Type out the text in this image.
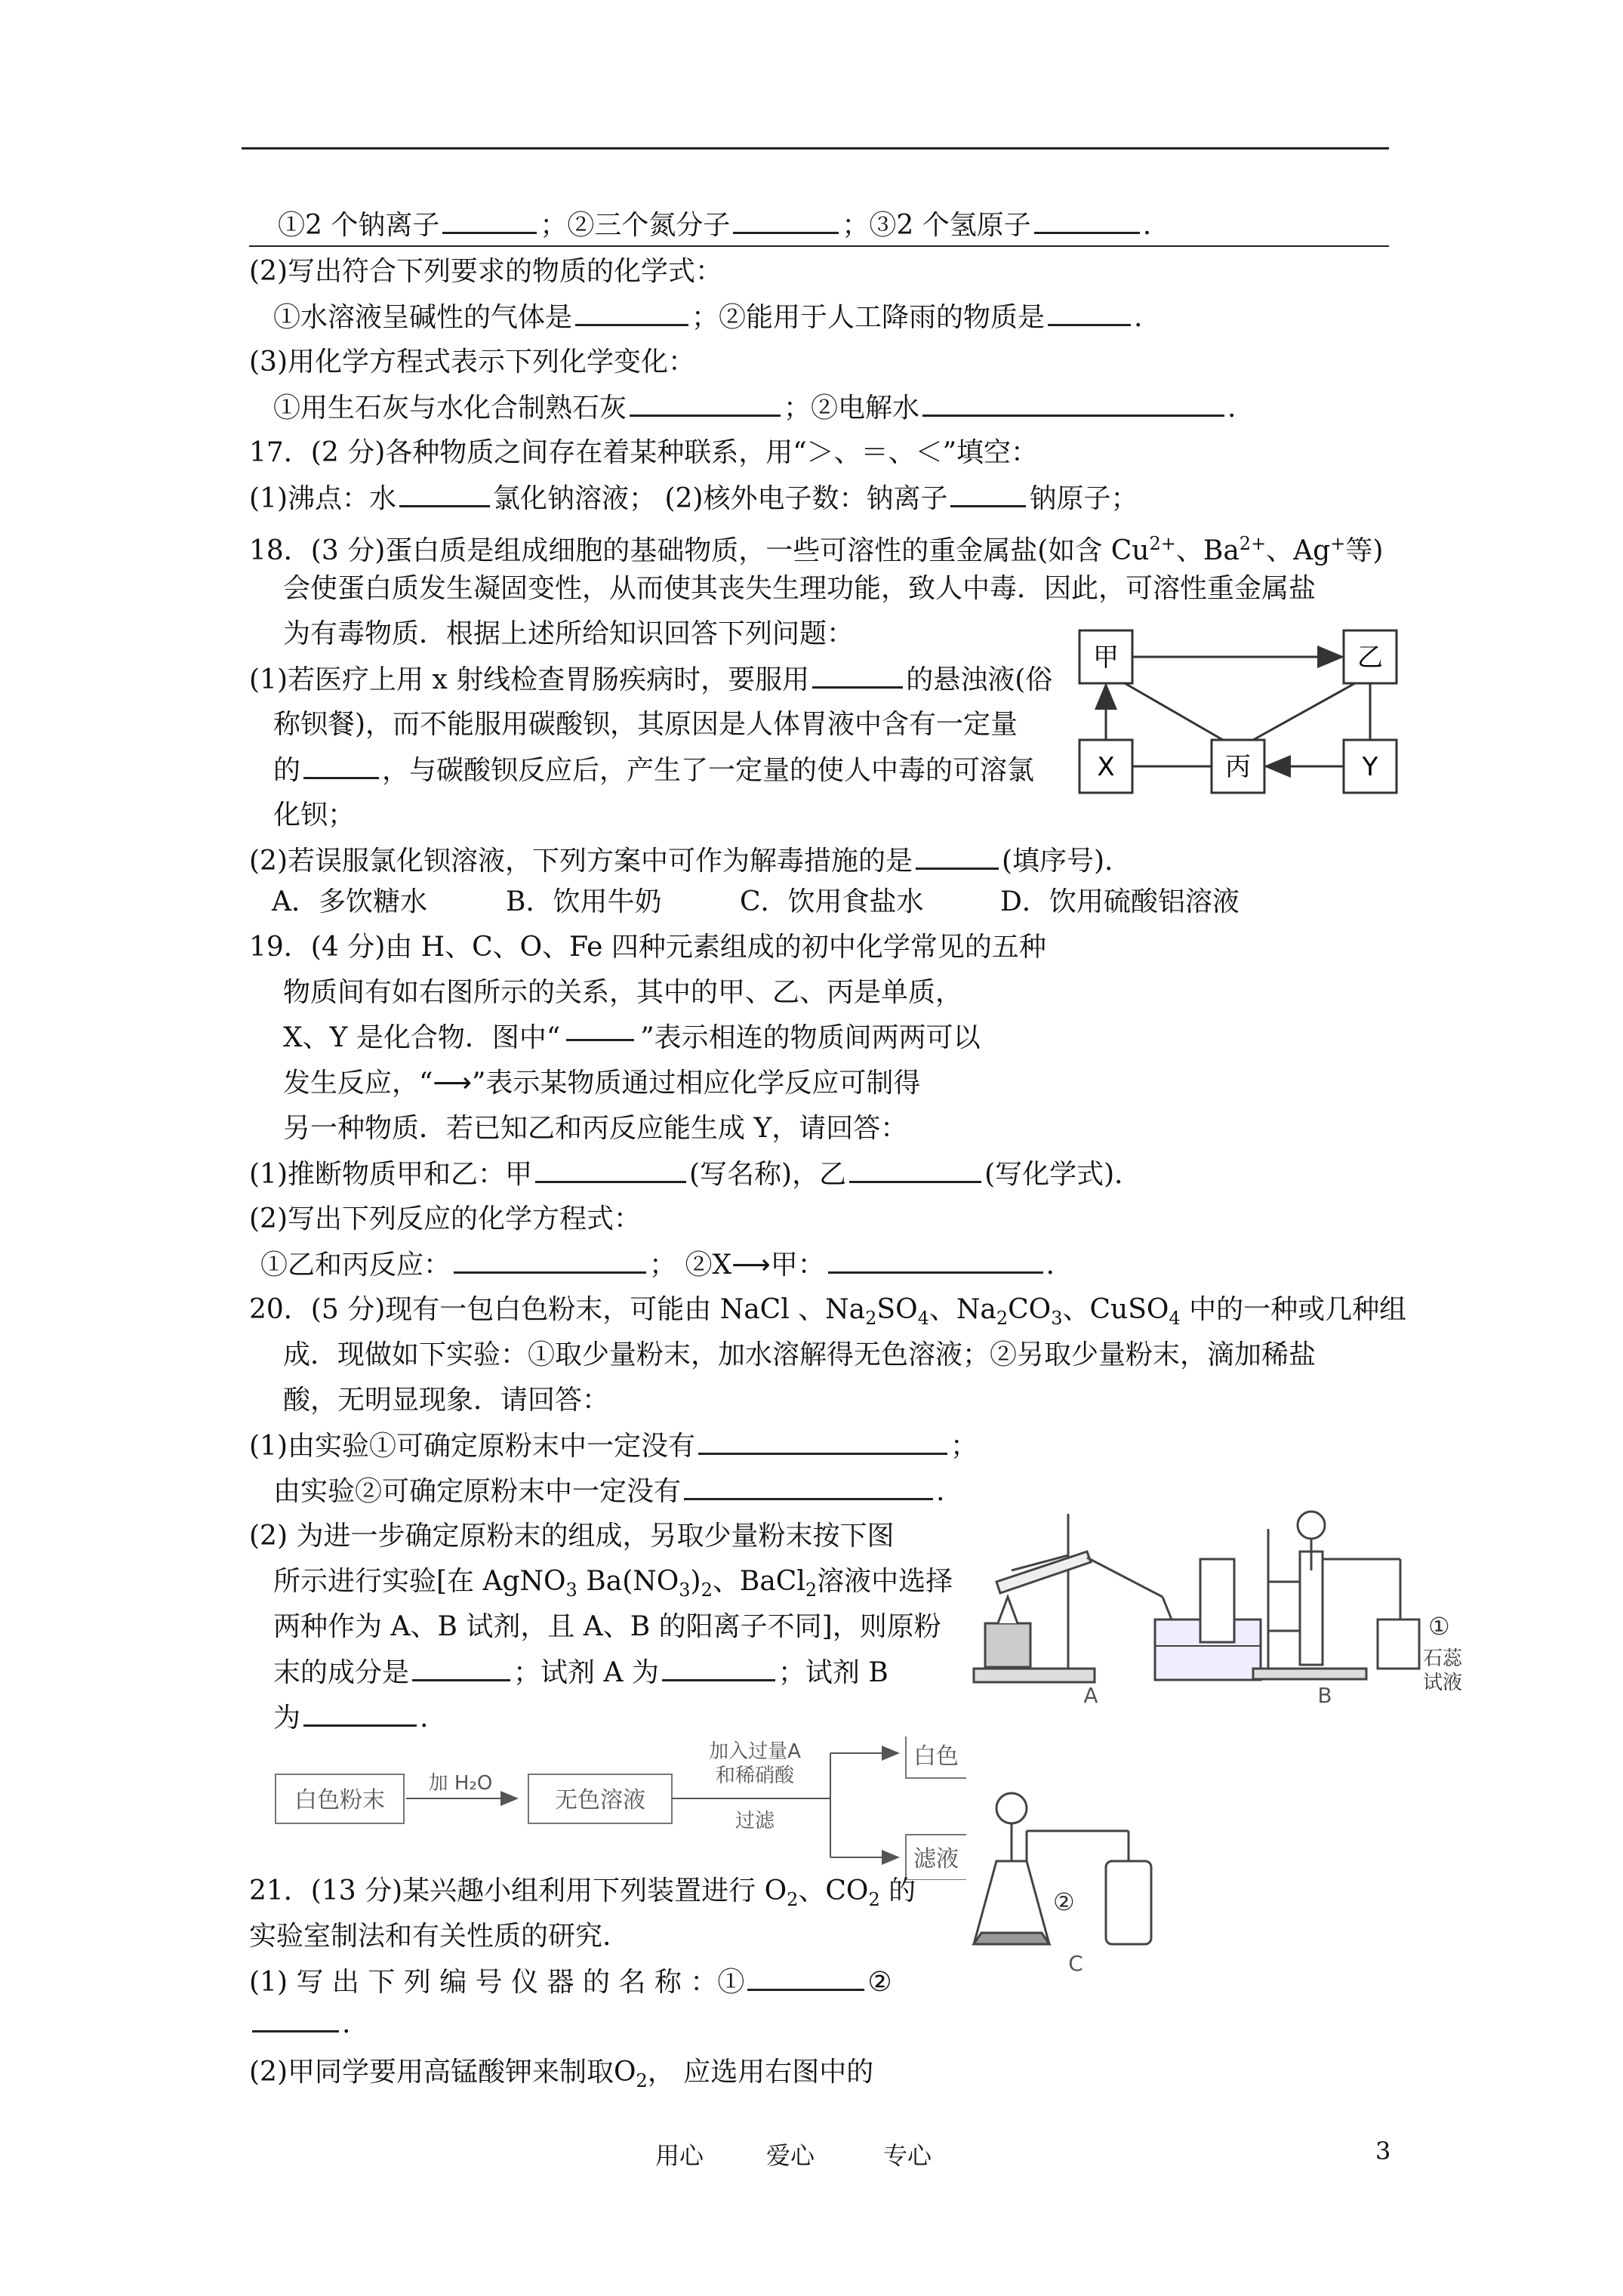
①2 个钠离子	；②三个氮分子	；③2 个氢原子	.
(2)写出符合下列要求的物质的化学式：
①水溶液呈碱性的气体是	；②能用于人工降雨的物质是	.
(3)用化学方程式表示下列化学变化：
①用生石灰与水化合制熟石灰	；②电解水	.
17．(2 分)各种物质之间存在着某种联系，用“＞、＝、＜”填空：
(1)沸点：水	氯化钠溶液； (2)核外电子数：钠离子	钠原子；
18．(3 分)蛋白质是组成细胞的基础物质，一些可溶性的重金属盐(如含 $Cu^{2+}$、$Ba^{2+}$、Ag+等)
会使蛋白质发生凝固变性，从而使其丧失生理功能，致人中毒．因此，可溶性重金属盐
为有毒物质．根据上述所给知识回答下列问题：
(1)若医疗上用 x 射线检查胃肠疾病时，要服用	的悬浊液(俗
称钡餐)，而不能服用碳酸钡，其原因是人体胃液中含有一定量
的	，与碳酸钡反应后，产生了一定量的使人中毒的可溶氯
化钡；
(2)若误服氯化钡溶液，下列方案中可作为解毒措施的是	(填序号)．
A．多饮糖水	B．饮用牛奶	C．饮用食盐水	D．饮用硫酸铝溶液
甲	乙
X	丙	Y
19．(4 分)由 H、C、O、Fe 四种元素组成的初中化学常见的五种
物质间有如右图所示的关系，其中的甲、乙、丙是单质，
X、Y 是化合物．图中“	”表示相连的物质间两两可以
发生反应，“⟶”表示某物质通过相应化学反应可制得
另一种物质．若已知乙和丙反应能生成 Y，请回答：
(1)推断物质甲和乙：甲	(写名称)，乙	(写化学式)．
(2)写出下列反应的化学方程式：
①乙和丙反应：	； ②X⟶甲：	．
20．(5 分)现有一包白色粉末，可能由 NaCl 、$Na_2SO_4$、$Na_2CO_3$、CuSO$_4$ 中的一种或几种组
成．现做如下实验：①取少量粉末，加水溶解得无色溶液；②另取少量粉末，滴加稀盐
酸，无明显现象．请回答：
(1)由实验①可确定原粉末中一定没有	；
由实验②可确定原粉末中一定没有	.
(2) 为进一步确定原粉末的组成，另取少量粉末按下图
所示进行实验[在 AgNO$_3$ $Ba(NO_3)_2$、BaCl$_2$溶液中选择
两种作为 A、B 试剂，且 A、B 的阳离子不同]，则原粉
末的成分是	；试剂 A 为	；试剂 B
为	.
白色粉末
加 H₂O
无色溶液
加入过量A
和稀硝酸
过滤
白色
滤液
21．(13 分)某兴趣小组利用下列装置进行 $O_2$、$CO_2$ 的
实验室制法和有关性质的研究.
(1) 写 出 下 列 编 号 仪 器 的 名 称 ：①	②
.
(2)甲同学要用高锰酸钾来制取$O_2$， 应选用右图中的
A	B
C
①
石蕊
试液
②
用心	爱心	专心	3
